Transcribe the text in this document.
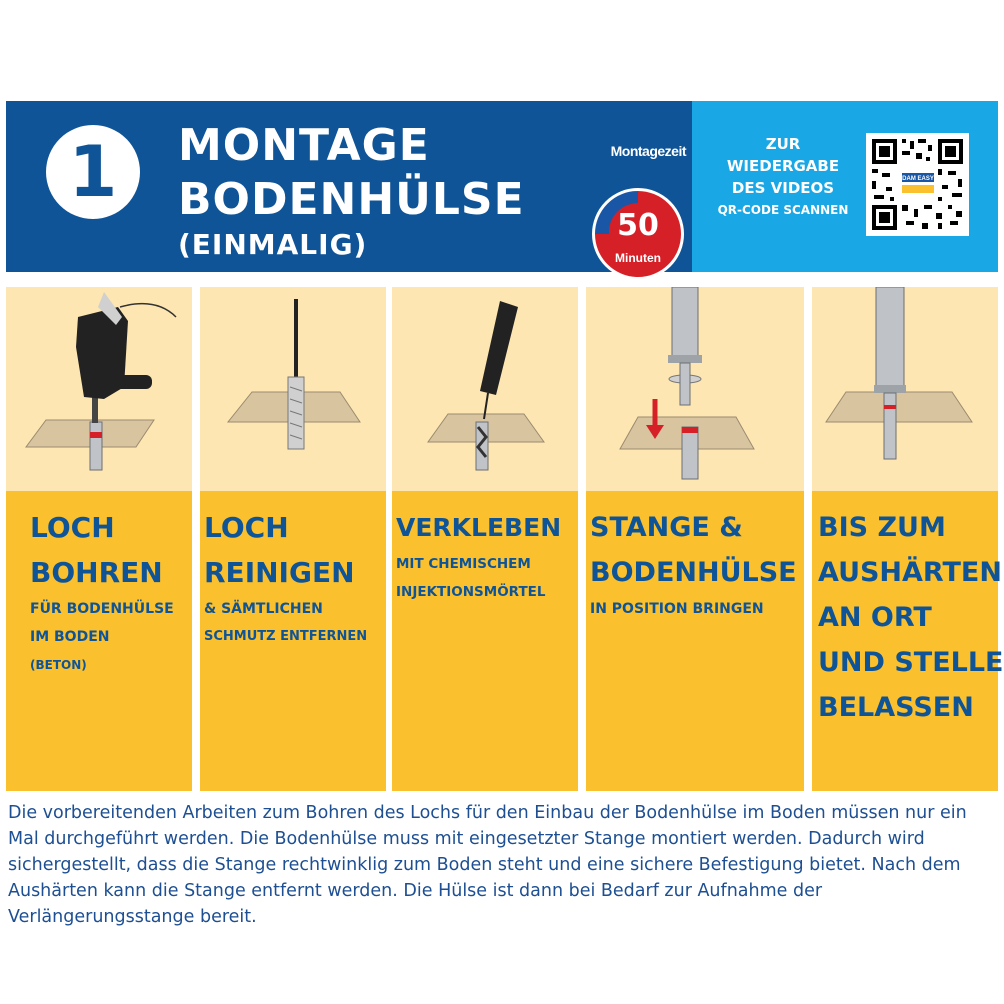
1 MONTAGE
BODENHÜLSE
(EINMALIG)
Montagezeit
50
Minuten
ZUR
WIEDERGABE
DES VIDEOS
QR-CODE SCANNEN
DAM EASY
LOCH
BOHREN
FÜR BODENHÜLSE
IM BODEN
(BETON)
LOCH
REINIGEN
& SÄMTLICHEN
SCHMUTZ ENTFERNEN
VERKLEBEN
MIT CHEMISCHEM
INJEKTIONSMÖRTEL
STANGE &
BODENHÜLSE
IN POSITION BRINGEN
BIS ZUM
AUSHÄRTEN
AN ORT
UND STELLE
BELASSEN
Die vorbereitenden Arbeiten zum Bohren des Lochs für den Einbau der Bodenhülse im Boden müssen nur ein Mal durchgeführt werden. Die Bodenhülse muss mit eingesetzter Stange montiert werden. Dadurch wird sichergestellt, dass die Stange rechtwinklig zum Boden steht und eine sichere Befestigung bietet. Nach dem Aushärten kann die Stange entfernt werden. Die Hülse ist dann bei Bedarf zur Aufnahme der Verlängerungsstange bereit.
